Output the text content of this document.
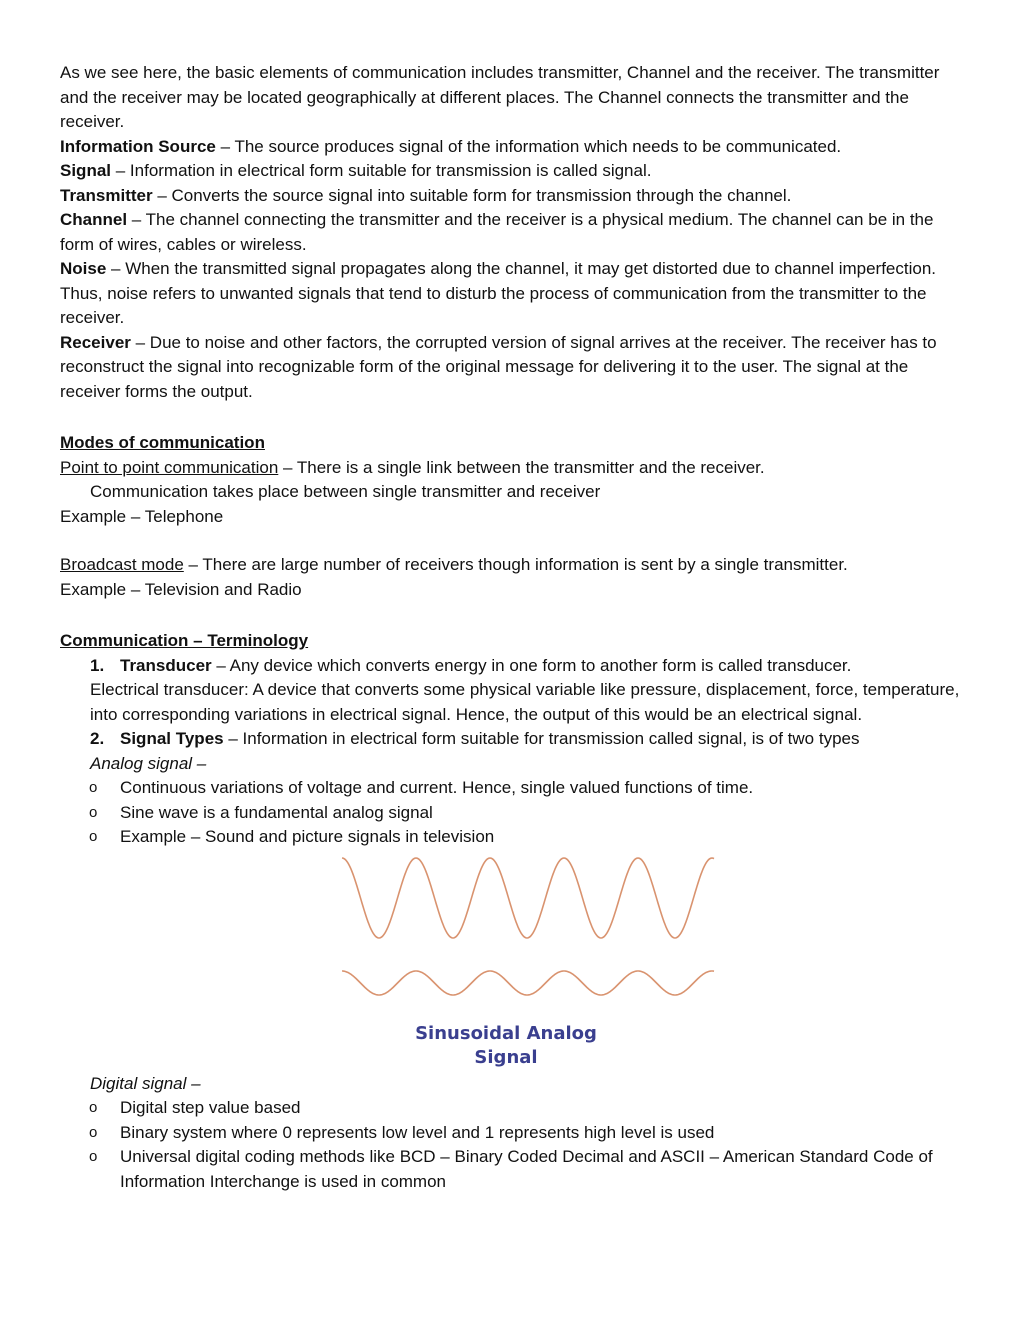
As we see here, the basic elements of communication includes transmitter, Channel and the receiver. The transmitter and the receiver may be located geographically at different places. The Channel connects the transmitter and the receiver.

Information Source – The source produces signal of the information which needs to be communicated.

Signal – Information in electrical form suitable for transmission is called signal.

Transmitter – Converts the source signal into suitable form for transmission through the channel.

Channel – The channel connecting the transmitter and the receiver is a physical medium. The channel can be in the form of wires, cables or wireless.

Noise – When the transmitted signal propagates along the channel, it may get distorted due to channel imperfection.

Thus, noise refers to unwanted signals that tend to disturb the process of communication from the transmitter to the receiver.

Receiver – Due to noise and other factors, the corrupted version of signal arrives at the receiver. The receiver has to reconstruct the signal into recognizable form of the original message for delivering it to the user. The signal at the receiver forms the output.

Modes of communication

Point to point communication – There is a single link between the transmitter and the receiver.

Communication takes place between single transmitter and receiver

Example – Telephone

Broadcast mode – There are large number of receivers though information is sent by a single transmitter.

Example – Television and Radio

Communication – Terminology

1. Transducer – Any device which converts energy in one form to another form is called transducer.

Electrical transducer: A device that converts some physical variable like pressure, displacement, force, temperature, into corresponding variations in electrical signal. Hence, the output of this would be an electrical signal.

2. Signal Types – Information in electrical form suitable for transmission called signal, is of two types

Analog signal –

o Continuous variations of voltage and current. Hence, single valued functions of time.
o Sine wave is a fundamental analog signal
o Example – Sound and picture signals in television
Sinusoidal Analog Signal

Digital signal –

o Digital step value based
o Binary system where 0 represents low level and 1 represents high level is used
o Universal digital coding methods like BCD – Binary Coded Decimal and ASCII – American Standard Code of Information Interchange is used in common
